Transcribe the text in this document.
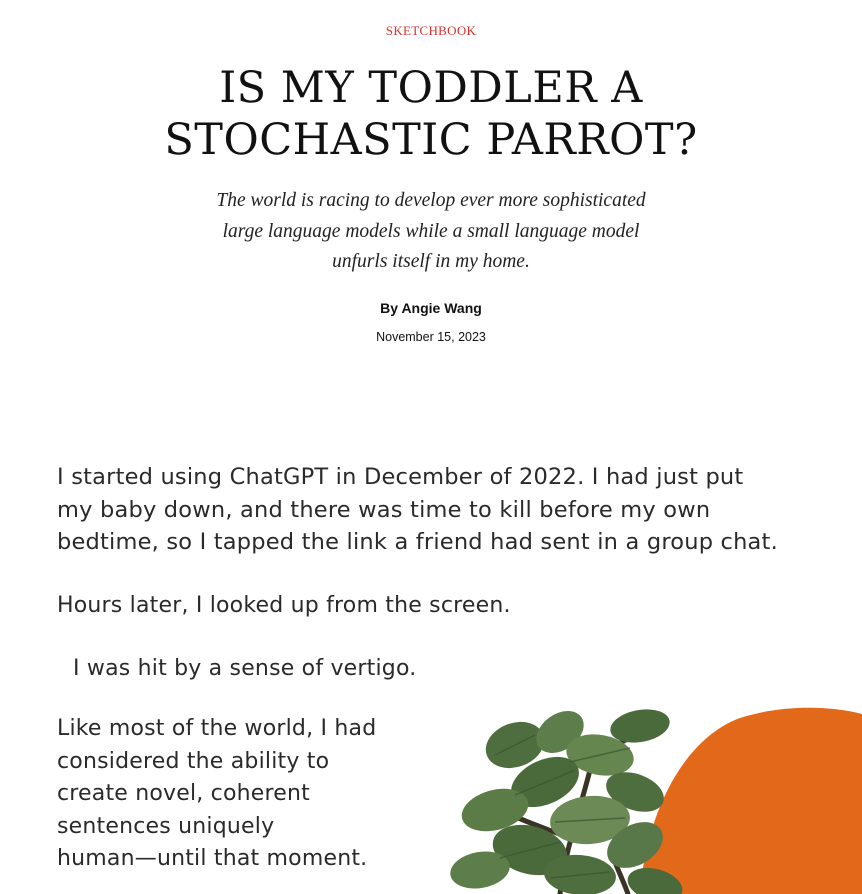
SKETCHBOOK
IS MY TODDLER A
STOCHASTIC PARROT?
The world is racing to develop ever more sophisticated
large language models while a small language model
unfurls itself in my home.
By Angie Wang
November 15, 2023

I started using ChatGPT in December of 2022. I had just put
my baby down, and there was time to kill before my own
bedtime, so I tapped the link a friend had sent in a group chat.

Hours later, I looked up from the screen.

I was hit by a sense of vertigo.

Like most of the world, I had
considered the ability to
create novel, coherent
sentences uniquely
human—until that moment.
